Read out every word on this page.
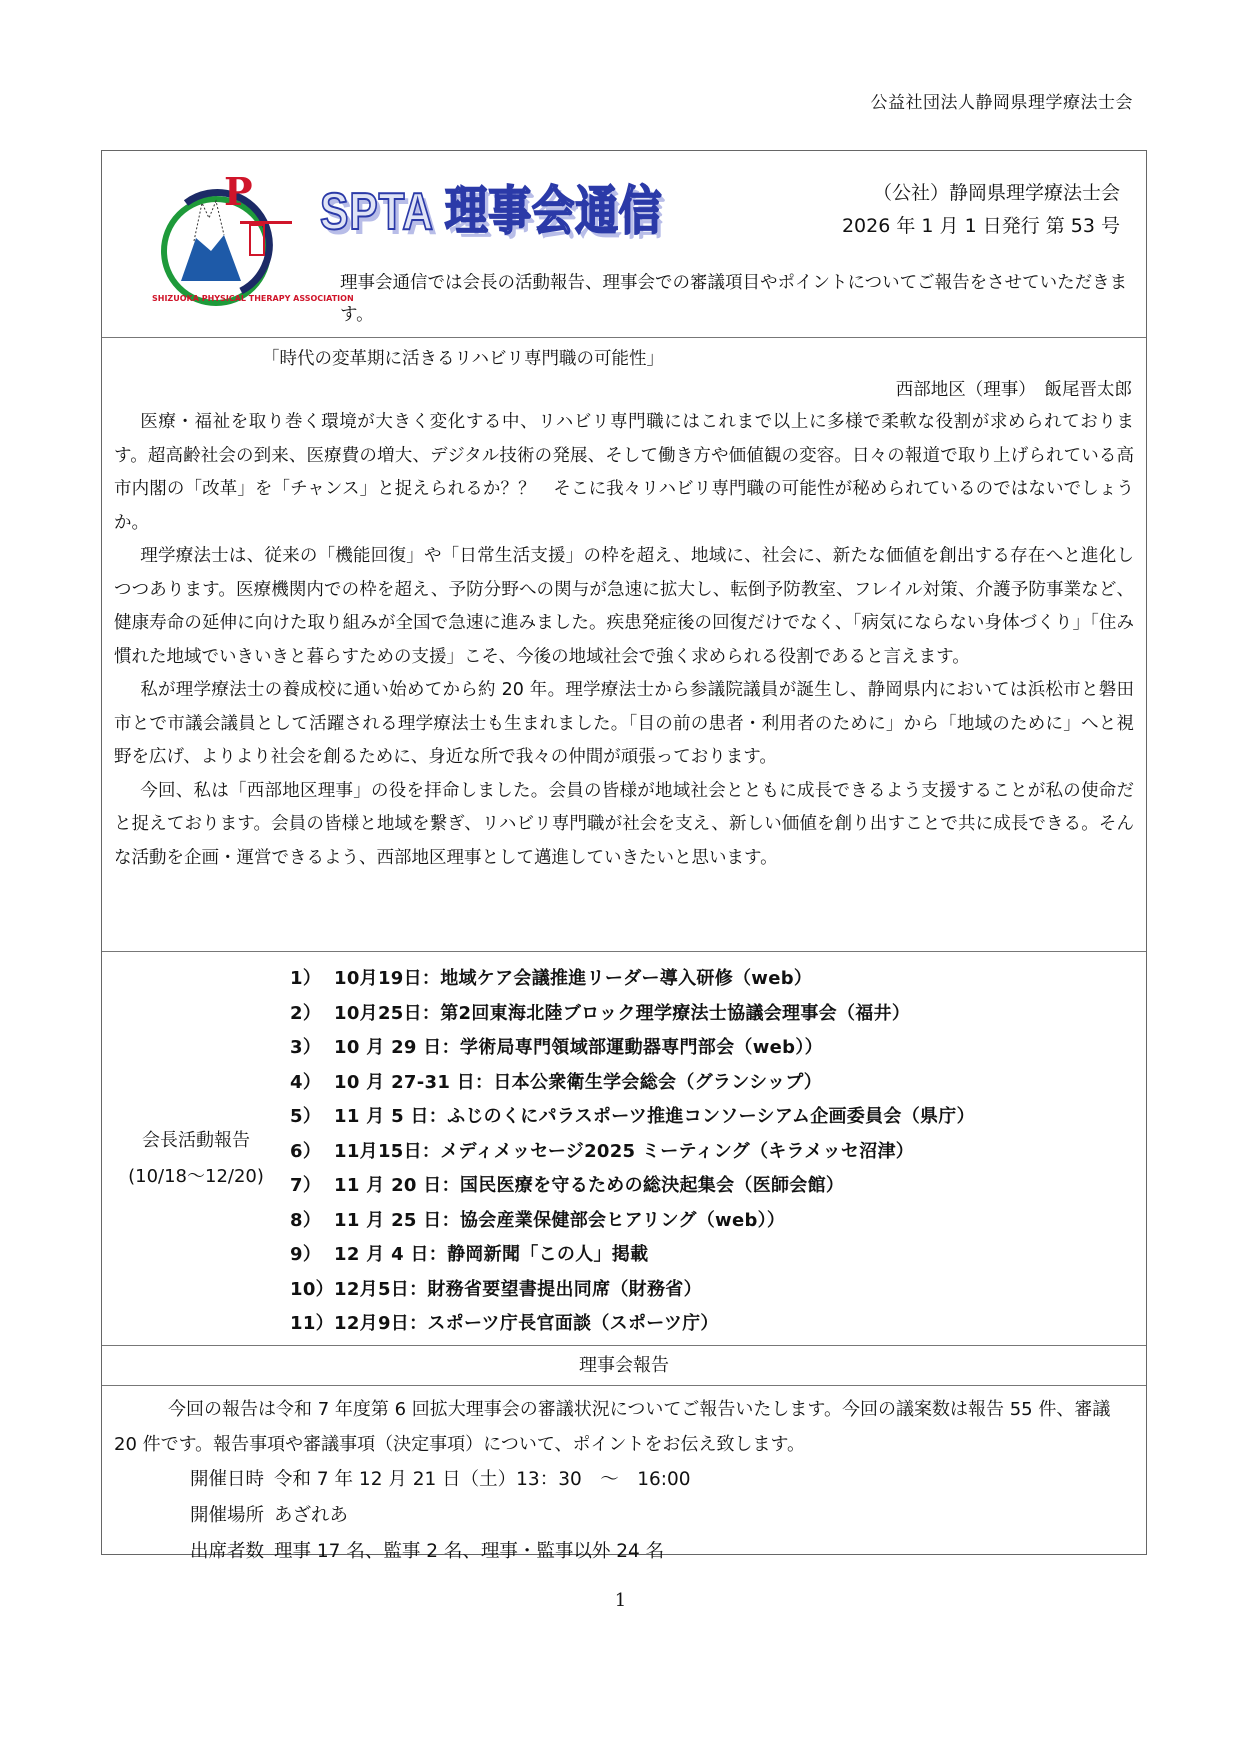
公益社団法人静岡県理学療法士会
P
SHIZUOKA PHYSICAL THERAPY ASSOCIATION
SPTA 理事会通信	（公社）静岡県理学療法士会
2026 年 1 月 1 日発行 第 53 号
理事会通信では会長の活動報告、理事会での審議項目やポイントについてご報告をさせていただきます。
「時代の変革期に活きるリハビリ専門職の可能性」
西部地区（理事）　飯尾晋太郎

医療・福祉を取り巻く環境が大きく変化する中、リハビリ専門職にはこれまで以上に多様で柔軟な役割が求められております。超高齢社会の到来、医療費の増大、デジタル技術の発展、そして働き方や価値観の変容。日々の報道で取り上げられている高市内閣の「改革」を「チャンス」と捉えられるか？？　そこに我々リハビリ専門職の可能性が秘められているのではないでしょうか。

理学療法士は、従来の「機能回復」や「日常生活支援」の枠を超え、地域に、社会に、新たな価値を創出する存在へと進化しつつあります。医療機関内での枠を超え、予防分野への関与が急速に拡大し、転倒予防教室、フレイル対策、介護予防事業など、健康寿命の延伸に向けた取り組みが全国で急速に進みました。疾患発症後の回復だけでなく、「病気にならない身体づくり」「住み慣れた地域でいきいきと暮らすための支援」こそ、今後の地域社会で強く求められる役割であると言えます。

私が理学療法士の養成校に通い始めてから約 20 年。理学療法士から参議院議員が誕生し、静岡県内においては浜松市と磐田市とで市議会議員として活躍される理学療法士も生まれました。「目の前の患者・利用者のために」から「地域のために」へと視野を広げ、よりより社会を創るために、身近な所で我々の仲間が頑張っております。

今回、私は「西部地区理事」の役を拝命しました。会員の皆様が地域社会とともに成長できるよう支援することが私の使命だと捉えております。会員の皆様と地域を繋ぎ、リハビリ専門職が社会を支え、新しい価値を創り出すことで共に成長できる。そんな活動を企画・運営できるよう、西部地区理事として邁進していきたいと思います。

会長活動報告
(10/18～12/20)
1） 10月19日：地域ケア会議推進リーダー導入研修（web）
2） 10月25日：第2回東海北陸ブロック理学療法士協議会理事会（福井）
3） 10 月 29 日：学術局専門領域部運動器専門部会（web））
4） 10 月 27-31 日：日本公衆衛生学会総会（グランシップ）
5） 11 月 5 日：ふじのくにパラスポーツ推進コンソーシアム企画委員会（県庁）
6） 11月15日：メディメッセージ2025 ミーティング（キラメッセ沼津）
7） 11 月 20 日：国民医療を守るための総決起集会（医師会館）
8） 11 月 25 日：協会産業保健部会ヒアリング（web））
9） 12 月 4 日：静岡新聞「この人」掲載
10）12月5日：財務省要望書提出同席（財務省）
11）12月9日：スポーツ庁長官面談（スポーツ庁）
理事会報告

今回の報告は令和 7 年度第 6 回拡大理事会の審議状況についてご報告いたします。今回の議案数は報告 55 件、審議 20 件です。報告事項や審議事項（決定事項）について、ポイントをお伝え致します。

開催日時 令和 7 年 12 月 21 日（土）13：30　～　16:00
開催場所 あざれあ
出席者数 理事 17 名、監事 2 名、理事・監事以外 24 名
1
